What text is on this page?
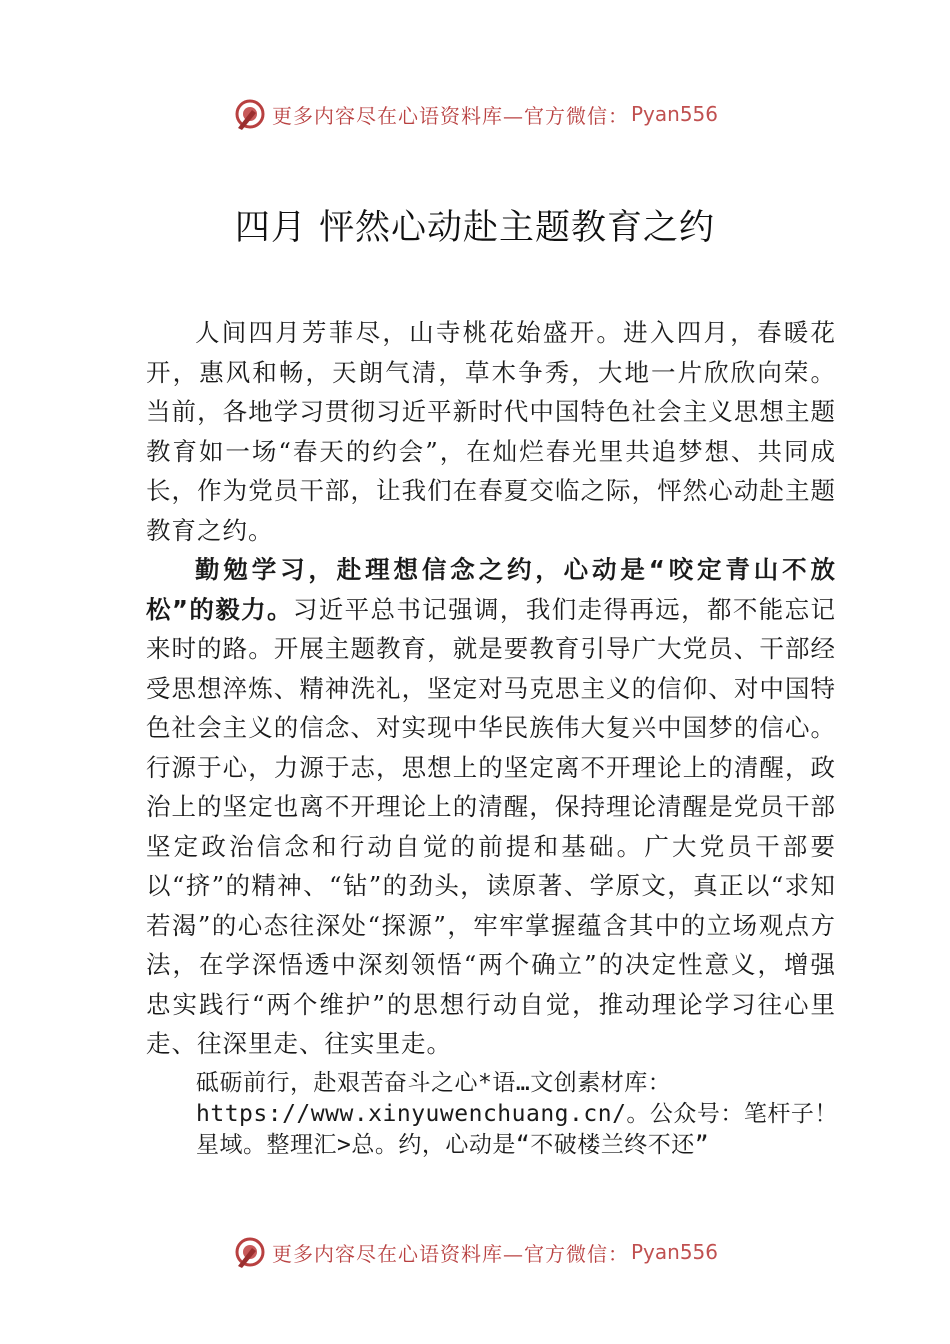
更多内容尽在心语资料库—官方微信： Pyan556
四月 怦然心动赴主题教育之约

人间四月芳菲尽，山寺桃花始盛开。进入四月，春暖花开，惠风和畅，天朗气清，草木争秀，大地一片欣欣向荣。 当前，各地学习贯彻习近平新时代中国特色社会主义思想主题教育如一场“春天的约会”，在灿烂春光里共追梦想、共同成长，作为党员干部，让我们在春夏交临之际，怦然心动赴主题教育之约。

勤勉学习，赴理想信念之约，心动是“咬定青山不放松”的毅力。习近平总书记强调，我们走得再远，都不能忘记来时的路。开展主题教育，就是要教育引导广大党员、干部经受思想淬炼、精神洗礼，坚定对马克思主义的信仰、对中国特色社会主义的信念、对实现中华民族伟大复兴中国梦的信心。行源于心，力源于志，思想上的坚定离不开理论上的清醒，政治上的坚定也离不开理论上的清醒，保持理论清醒是党员干部坚定政治信念和行动自觉的前提和基础。广大党员干部要以“挤”的精神、“钻”的劲头，读原著、学原文，真正以“求知若渴”的心态往深处“探源”，牢牢掌握蕴含其中的立场观点方法，在学深悟透中深刻领悟“两个确立”的决定性意义，增强忠实践行“两个维护”的思想行动自觉，推动理论学习往心里走、往深里走、往实里走。

砥砺前行，赴艰苦奋斗之心*语…文创素材库：
https://www.xinyuwenchuang.cn/。公众号：笔杆子！
星域。整理汇>总。约，心动是“不破楼兰终不还”
更多内容尽在心语资料库—官方微信： Pyan556
